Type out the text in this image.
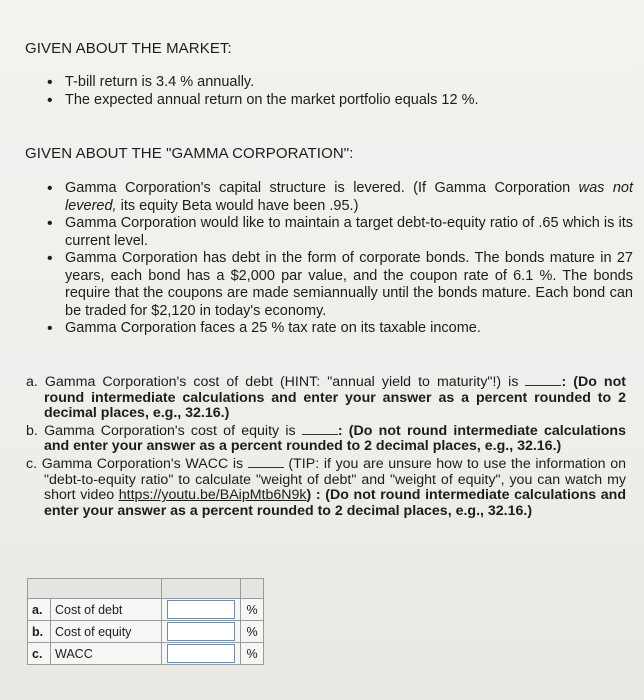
GIVEN ABOUT THE MARKET:
• T-bill return is 3.4 % annually.
• The expected annual return on the market portfolio equals 12 %.
GIVEN ABOUT THE "GAMMA CORPORATION":
• Gamma Corporation's capital structure is levered. (If Gamma Corporation was not levered, its equity Beta would have been .95.)
• Gamma Corporation would like to maintain a target debt-to-equity ratio of .65 which is its current level.
• Gamma Corporation has debt in the form of corporate bonds. The bonds mature in 27 years, each bond has a $2,000 par value, and the coupon rate of 6.1 %. The bonds require that the coupons are made semiannually until the bonds mature. Each bond can be traded for $2,120 in today's economy.
• Gamma Corporation faces a 25 % tax rate on its taxable income.

a. Gamma Corporation's cost of debt (HINT: "annual yield to maturity"!) is	: (Do not round intermediate calculations and enter your answer as a percent rounded to 2 decimal places, e.g., 32.16.)

b. Gamma Corporation's cost of equity is	: (Do not round intermediate calculations and enter your answer as a percent rounded to 2 decimal places, e.g., 32.16.)

c. Gamma Corporation's WACC is	(TIP: if you are unsure how to use the information on "debt-to-equity ratio" to calculate "weight of debt" and "weight of equity", you can watch my short video https://youtu.be/BAipMtb6N9k) : (Do not round intermediate calculations and enter your answer as a percent rounded to 2 decimal places, e.g., 32.16.)

a.	Cost of debt		%
b.	Cost of equity		%
c.	WACC		%
